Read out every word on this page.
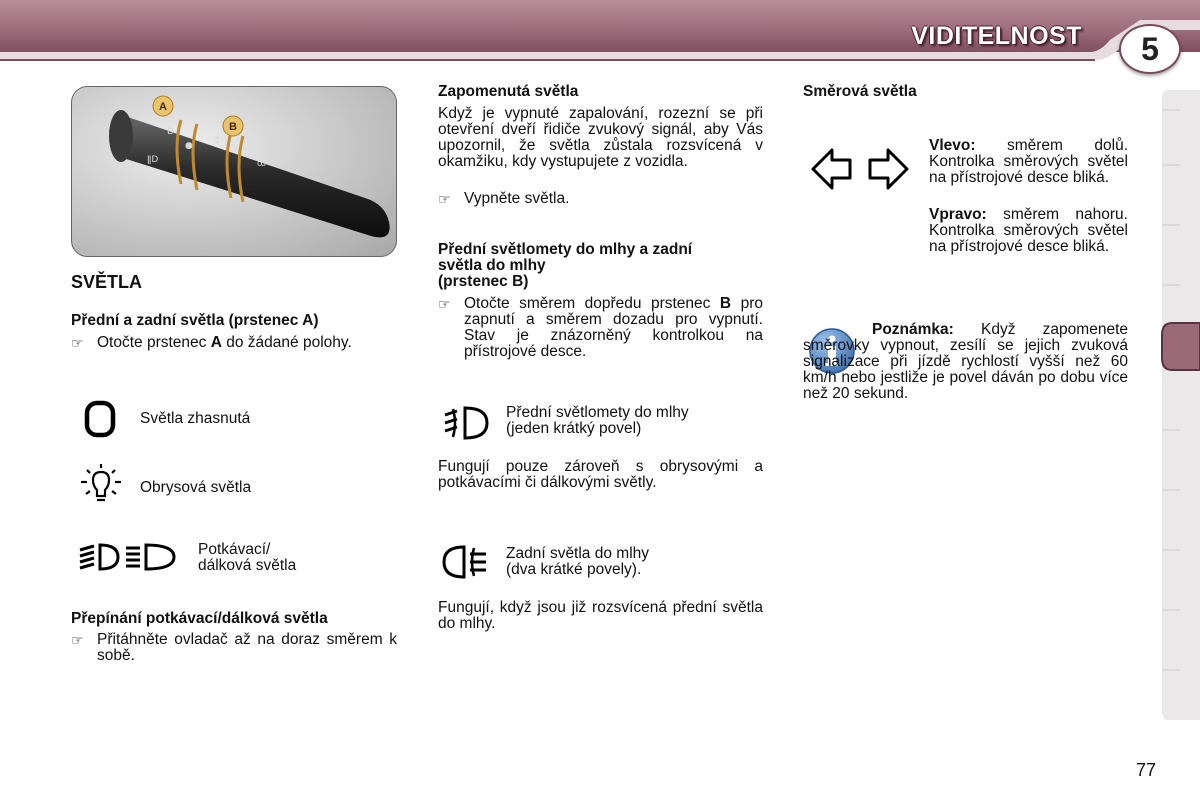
VIDITELNOST	5
D
●
ǁD
⁑
ꝏ
A
B
SVĚTLA
Přední a zadní světla (prstenec A)
☞ Otočte prstenec A do žádané polohy.
Světla zhasnutá
Obrysová světla
Potkávací/
dálková světla
Přepínání potkávací/dálková světla
☞ Přitáhněte ovladač až na doraz směrem k sobě.
Zapomenutá světla
Když je vypnuté zapalování, rozezní se při otevření dveří řidiče zvukový signál, aby Vás upozornil, že světla zůstala rozsvícená v okamžiku, kdy vystupujete z vozidla.
☞ Vypněte světla.
Přední světlomety do mlhy a zadní
světla do mlhy
(prstenec B)
☞ Otočte směrem dopředu prstenec B pro zapnutí a směrem dozadu pro vypnutí. Stav je znázorněný kontrolkou na přístrojové desce.
Přední světlomety do mlhy
(jeden krátký povel)
Fungují pouze zároveň s obrysovými a potkávacími či dálkovými světly.
Zadní světla do mlhy
(dva krátké povely).
Fungují, když jsou již rozsvícená přední světla do mlhy.
Směrová světla
Vlevo: směrem dolů. Kontrolka směrových světel na přístrojové desce bliká.
Vpravo: směrem nahoru. Kontrolka směrových světel na přístrojové desce bliká.
Poznámka: Když zapomenete směrovky vypnout, zesílí se jejich zvuková signalizace při jízdě rychlostí vyšší než 60 km/h nebo jestliže je povel dáván po dobu více než 20 sekund.
77
